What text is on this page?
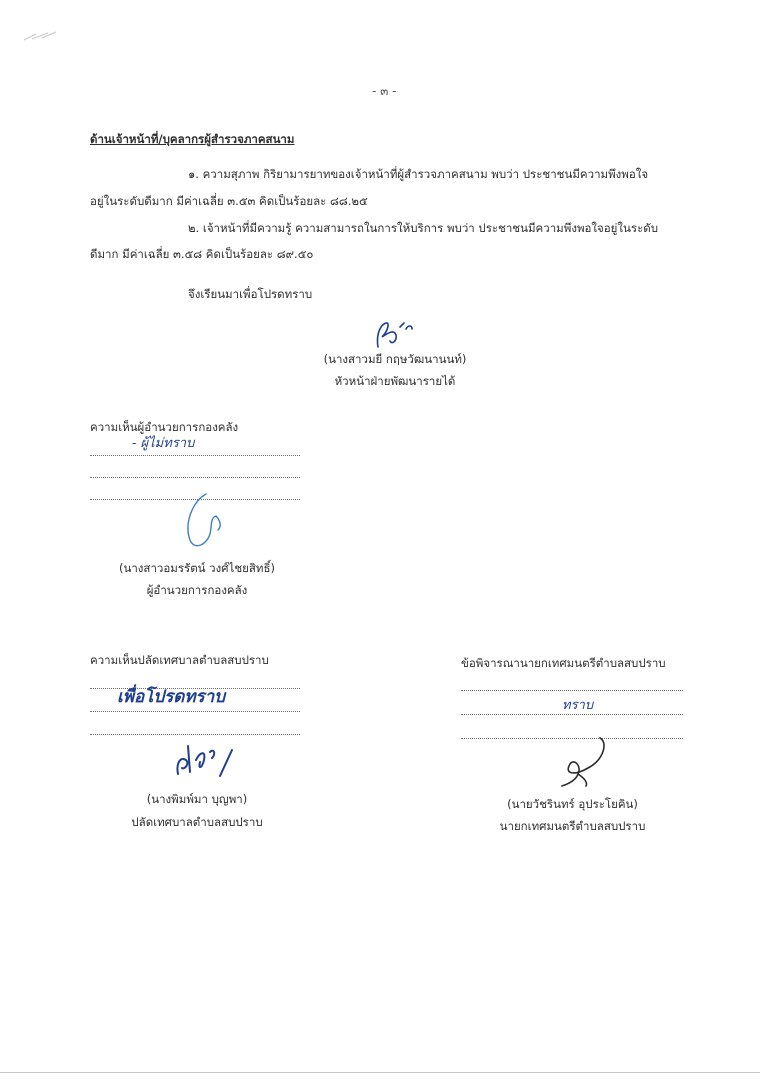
- ๓ -
ด้านเจ้าหน้าที่/บุคลากรผู้สำรวจภาคสนาม
๑. ความสุภาพ กิริยามารยาทของเจ้าหน้าที่ผู้สำรวจภาคสนาม พบว่า ประชาชนมีความพึงพอใจ
อยู่ในระดับดีมาก มีค่าเฉลี่ย ๓.๕๓ คิดเป็นร้อยละ ๘๘.๒๕
๒. เจ้าหน้าที่มีความรู้ ความสามารถในการให้บริการ พบว่า ประชาชนมีความพึงพอใจอยู่ในระดับ
ดีมาก มีค่าเฉลี่ย ๓.๕๘ คิดเป็นร้อยละ ๘๙.๕๐
จึงเรียนมาเพื่อโปรดทราบ
(นางสาวมยี กฤษวัฒนานนท์)
หัวหน้าฝ่ายพัฒนารายได้
ความเห็นผู้อำนวยการกองคลัง
- ผู้ไม่ทราบ
(นางสาวอมรรัตน์ วงศ์ไชยสิทธิ์)
ผู้อำนวยการกองคลัง
ความเห็นปลัดเทศบาลตำบลสบปราบ
เพื่อโปรดทราบ
(นางพิมพ์มา บุญพา)
ปลัดเทศบาลตำบลสบปราบ
ข้อพิจารณานายกเทศมนตรีตำบลสบปราบ
ทราบ
(นายวัชรินทร์ อุประโยคิน)
นายกเทศมนตรีตำบลสบปราบ
